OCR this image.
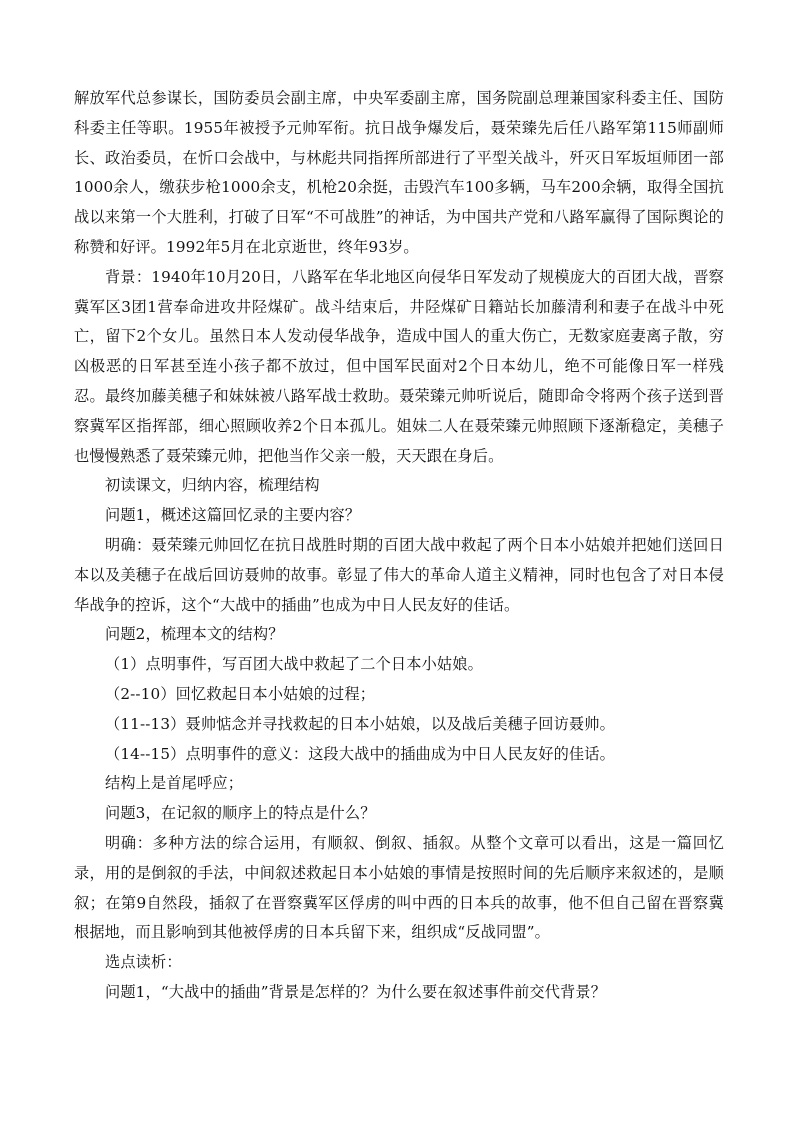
解放军代总参谋长，国防委员会副主席，中央军委副主席，国务院副总理兼国家科委主任、国防科委主任等职。1955年被授予元帅军衔。抗日战争爆发后，聂荣臻先后任八路军第115师副师长、政治委员，在忻口会战中，与林彪共同指挥所部进行了平型关战斗，歼灭日军坂垣师团一部1000余人，缴获步枪1000余支，机枪20余挺，击毁汽车100多辆，马车200余辆，取得全国抗战以来第一个大胜利，打破了日军“不可战胜”的神话，为中国共产党和八路军赢得了国际舆论的称赞和好评。1992年5月在北京逝世，终年93岁。

背景：1940年10月20日，八路军在华北地区向侵华日军发动了规模庞大的百团大战，晋察冀军区3团1营奉命进攻井陉煤矿。战斗结束后，井陉煤矿日籍站长加藤清利和妻子在战斗中死亡，留下2个女儿。虽然日本人发动侵华战争，造成中国人的重大伤亡，无数家庭妻离子散，穷凶极恶的日军甚至连小孩子都不放过，但中国军民面对2个日本幼儿，绝不可能像日军一样残忍。最终加藤美穗子和妹妹被八路军战士救助。聂荣臻元帅听说后，随即命令将两个孩子送到晋察冀军区指挥部，细心照顾收养2个日本孤儿。姐妹二人在聂荣臻元帅照顾下逐渐稳定，美穗子也慢慢熟悉了聂荣臻元帅，把他当作父亲一般，天天跟在身后。

初读课文，归纳内容，梳理结构

问题1，概述这篇回忆录的主要内容？

明确：聂荣臻元帅回忆在抗日战胜时期的百团大战中救起了两个日本小姑娘并把她们送回日本以及美穗子在战后回访聂帅的故事。彰显了伟大的革命人道主义精神，同时也包含了对日本侵华战争的控诉，这个“大战中的插曲”也成为中日人民友好的佳话。

问题2，梳理本文的结构？

（1）点明事件，写百团大战中救起了二个日本小姑娘。

（2--10）回忆救起日本小姑娘的过程；

（11--13）聂帅惦念并寻找救起的日本小姑娘，以及战后美穗子回访聂帅。

（14--15）点明事件的意义：这段大战中的插曲成为中日人民友好的佳话。

结构上是首尾呼应；

问题3，在记叙的顺序上的特点是什么？

明确：多种方法的综合运用，有顺叙、倒叙、插叙。从整个文章可以看出，这是一篇回忆录，用的是倒叙的手法，中间叙述救起日本小姑娘的事情是按照时间的先后顺序来叙述的，是顺叙；在第9自然段，插叙了在晋察冀军区俘虏的叫中西的日本兵的故事，他不但自己留在晋察冀根据地，而且影响到其他被俘虏的日本兵留下来，组织成“反战同盟”。

选点读析：

问题1，“大战中的插曲”背景是怎样的？为什么要在叙述事件前交代背景？
